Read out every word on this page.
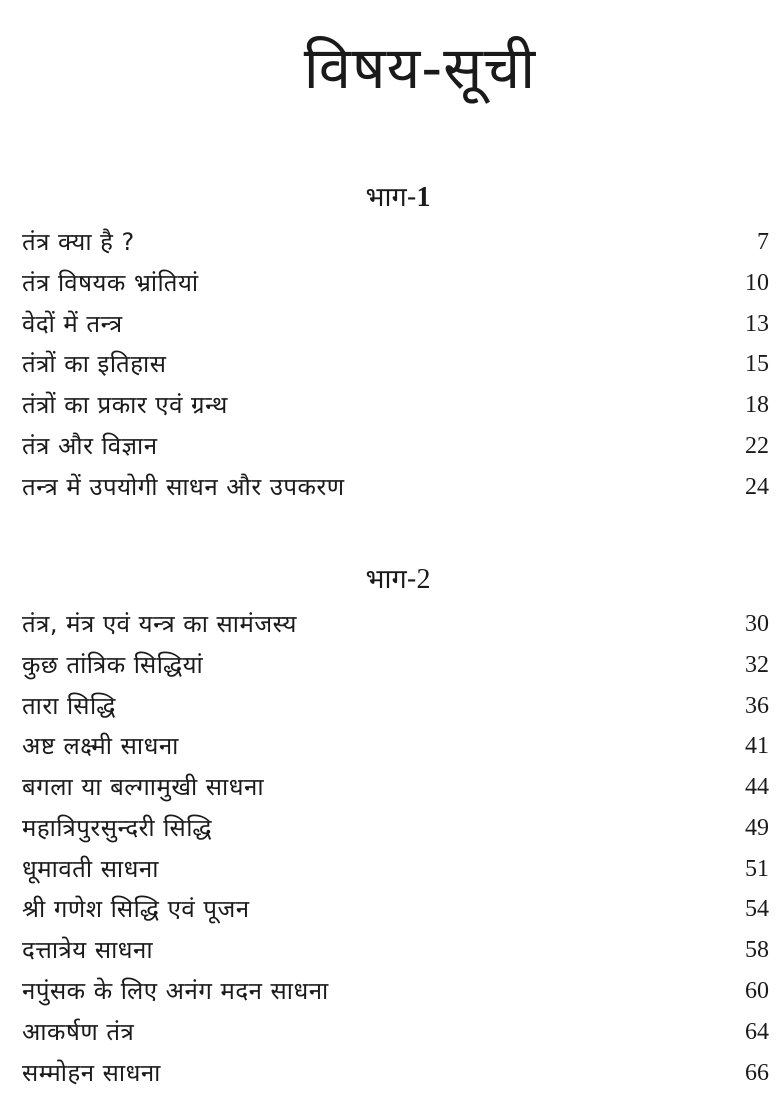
विषय-सूची
भाग-1
तंत्र क्या है ?	7
तंत्र विषयक भ्रांतियां	10
वेदों में तन्त्र	13
तंत्रों का इतिहास	15
तंत्रों का प्रकार एवं ग्रन्थ	18
तंत्र और विज्ञान	22
तन्त्र में उपयोगी साधन और उपकरण	24
भाग-2
तंत्र, मंत्र एवं यन्त्र का सामंजस्य	30
कुछ तांत्रिक सिद्धियां	32
तारा सिद्धि	36
अष्ट लक्ष्मी साधना	41
बगला या बल्गामुखी साधना	44
महात्रिपुरसुन्दरी सिद्धि	49
धूमावती साधना	51
श्री गणेश सिद्धि एवं पूजन	54
दत्तात्रेय साधना	58
नपुंसक के लिए अनंग मदन साधना	60
आकर्षण तंत्र	64
सम्मोहन साधना	66
